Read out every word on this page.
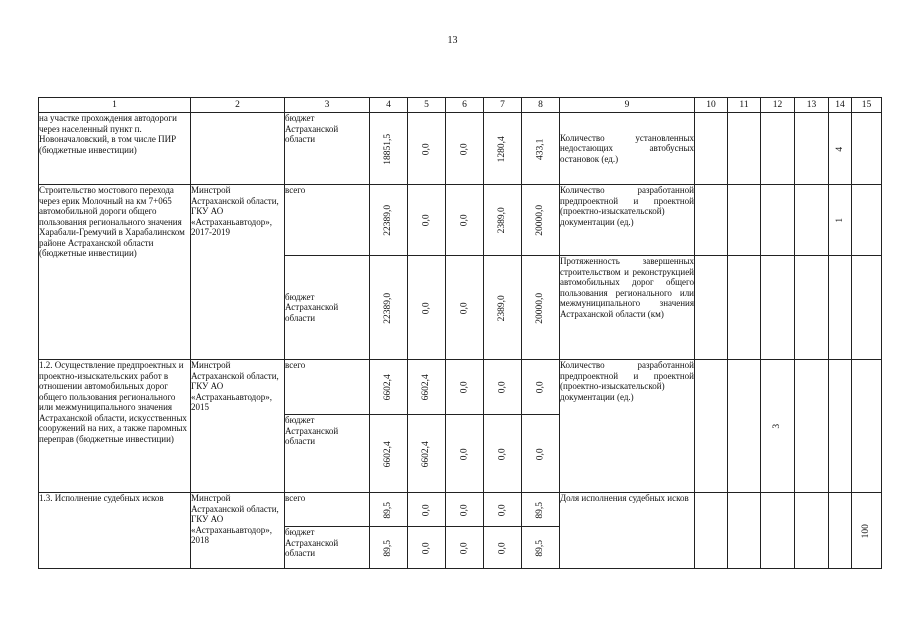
13
1	2	3	4	5	6	7	8	9	10	11	12	13	14	15
на участке прохождения автодороги через населенный пункт п. Новоначаловский, в том числе ПИР (бюджетные инвестиции)		бюджет Астраханской области	18851,5	0,0	0,0	1280,4	433,1	Количество установленных недостающих автобусных остановок (ед.)					4	
Строительство мостового перехода через ерик Молочный на км 7+065 автомобильной дороги общего пользования регионального значения Харабали-Гремучий в Харабалинском районе Астраханской области (бюджетные инвестиции)	Минстрой Астраханской области, ГКУ АО «Астраханьавтодор», 2017-2019	всего	22389,0	0,0	0,0	2389,0	20000,0	Количество разработанной предпроектной и проектной (проектно-изыскательской) документации (ед.)					1	
		бюджет Астраханской области	22389,0	0,0	0,0	2389,0	20000,0	Протяженность завершенных строительством и реконструкцией автомобильных дорог общего пользования регионального или межмуниципального значения Астраханской области (км)						
1.2. Осуществление предпроектных и проектно-изыскательских работ в отношении автомобильных дорог общего пользования регионального или межмуниципального значения Астраханской области, искусственных сооружений на них, а также паромных переправ (бюджетные инвестиции)	Минстрой Астраханской области, ГКУ АО «Астраханьавтодор», 2015	всего	6602,4	6602,4	0,0	0,0	0,0	Количество разработанной предпроектной и проектной (проектно-изыскательской) документации (ед.)			3			
		бюджет Астраханской области	6602,4	6602,4	0,0	0,0	0,0							
1.3. Исполнение судебных исков	Минстрой Астраханской области, ГКУ АО «Астраханьавтодор», 2018	всего	89,5	0,0	0,0	0,0	89,5	Доля исполнения судебных исков						100
		бюджет Астраханской области	89,5	0,0	0,0	0,0	89,5							
